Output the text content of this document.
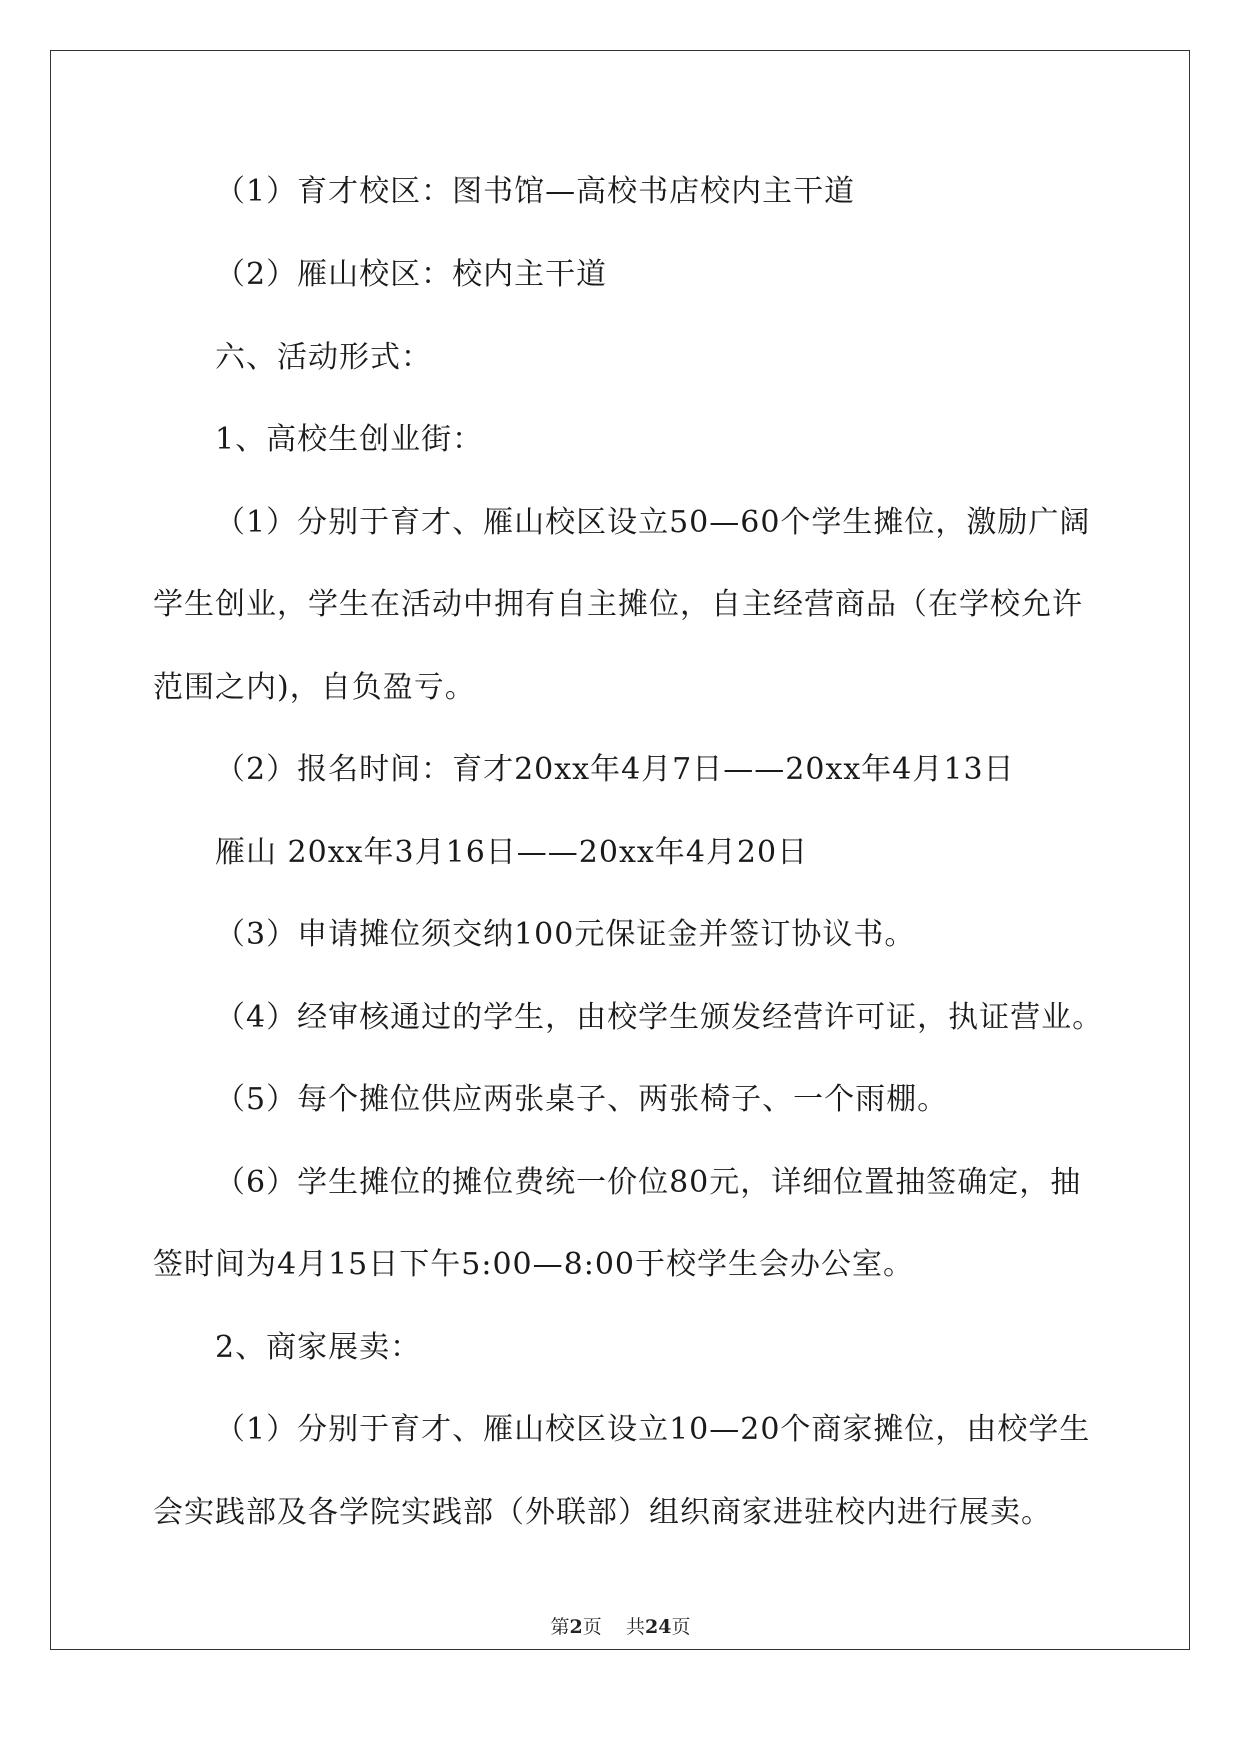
（1）育才校区：图书馆—高校书店校内主干道
（2）雁山校区：校内主干道
六、活动形式：
1、高校生创业街：
（1）分别于育才、雁山校区设立50—60个学生摊位，激励广阔
学生创业，学生在活动中拥有自主摊位，自主经营商品（在学校允许
范围之内)，自负盈亏。
（2）报名时间：育才20xx年4月7日——20xx年4月13日
雁山 20xx年3月16日——20xx年4月20日
（3）申请摊位须交纳100元保证金并签订协议书。
（4）经审核通过的学生，由校学生颁发经营许可证，执证营业。
（5）每个摊位供应两张桌子、两张椅子、一个雨棚。
（6）学生摊位的摊位费统一价位80元，详细位置抽签确定，抽
签时间为4月15日下午5:00—8:00于校学生会办公室。
2、商家展卖：
（1）分别于育才、雁山校区设立10—20个商家摊位，由校学生
会实践部及各学院实践部（外联部）组织商家进驻校内进行展卖。
第2页 共24页
